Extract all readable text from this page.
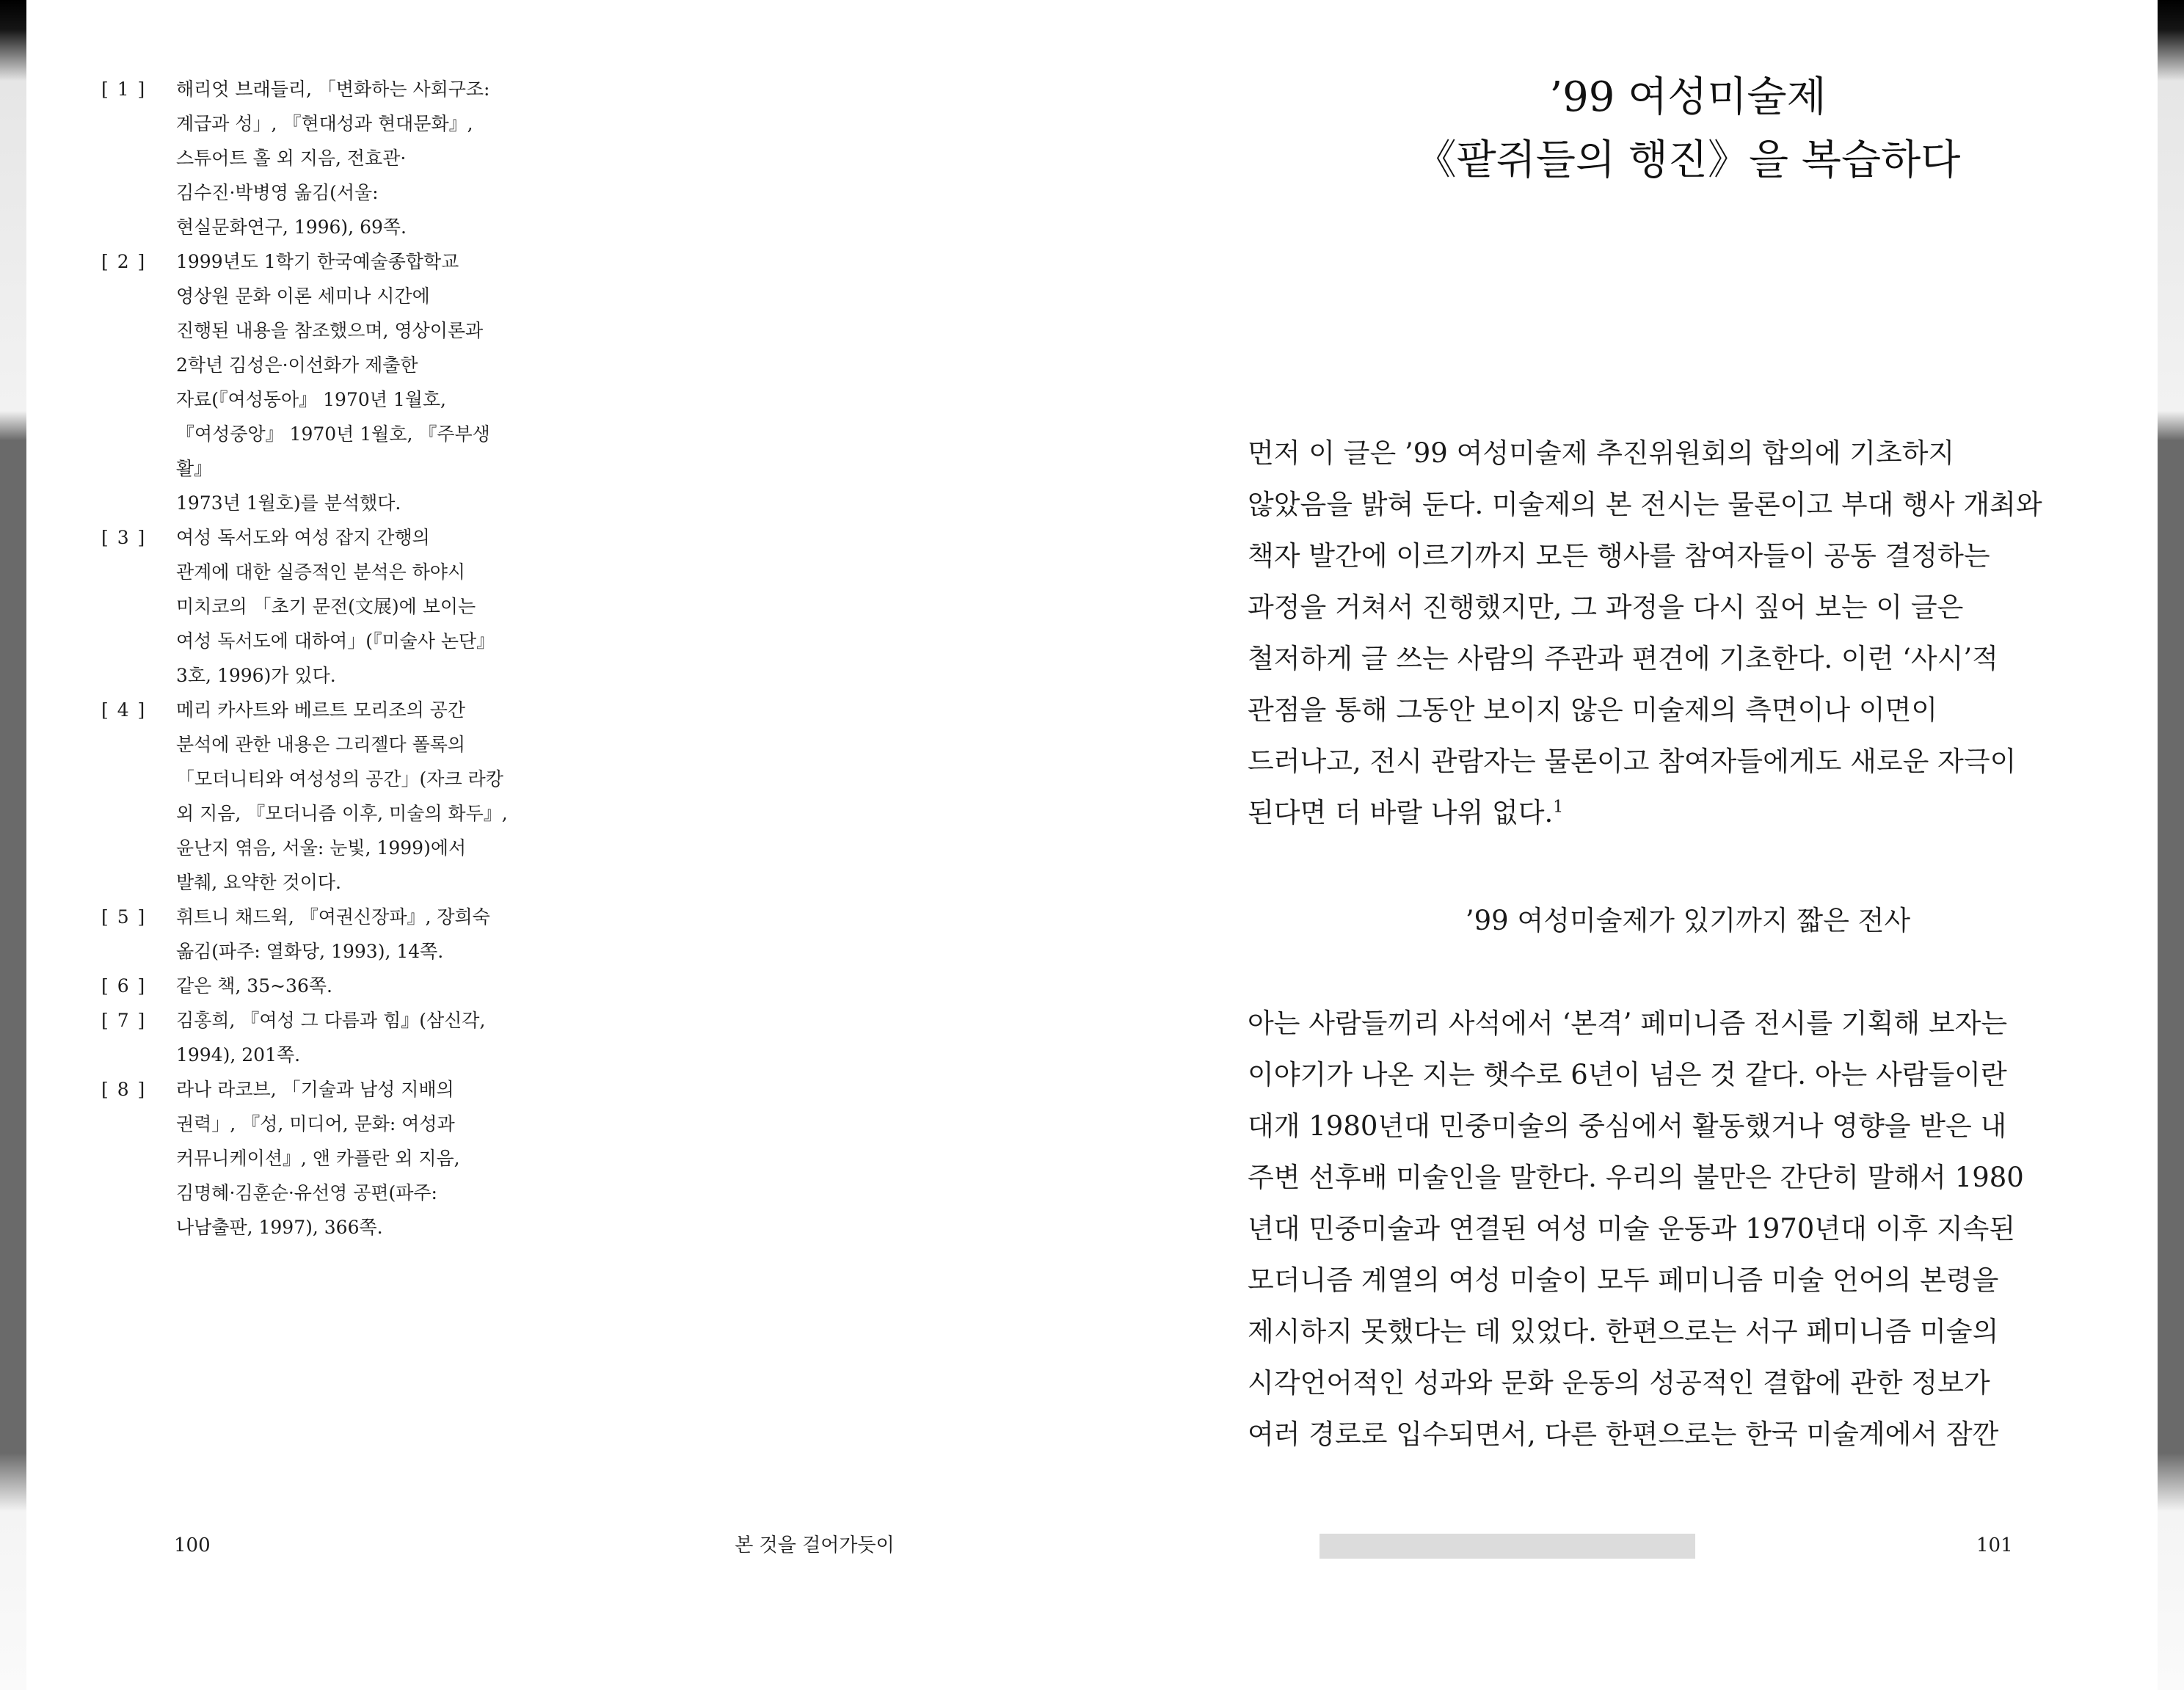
[ 1 ]	해리엇 브래들리, 「변화하는 사회구조:
계급과 성」, 『현대성과 현대문화』,
스튜어트 홀 외 지음, 전효관·
김수진·박병영 옮김(서울:
현실문화연구, 1996), 69쪽.

[ 2 ]	1999년도 1학기 한국예술종합학교
영상원 문화 이론 세미나 시간에
진행된 내용을 참조했으며, 영상이론과
2학년 김성은·이선화가 제출한
자료(『여성동아』 1970년 1월호,
『여성중앙』 1970년 1월호, 『주부생활』
1973년 1월호)를 분석했다.

[ 3 ]	여성 독서도와 여성 잡지 간행의
관계에 대한 실증적인 분석은 하야시
미치코의 「초기 문전(文展)에 보이는
여성 독서도에 대하여」(『미술사 논단』
3호, 1996)가 있다.

[ 4 ]	메리 카사트와 베르트 모리조의 공간
분석에 관한 내용은 그리젤다 폴록의
「모더니티와 여성성의 공간」(자크 라캉
외 지음, 『모더니즘 이후, 미술의 화두』,
윤난지 엮음, 서울: 눈빛, 1999)에서
발췌, 요약한 것이다.

[ 5 ]	휘트니 채드윅, 『여권신장파』, 장희숙
옮김(파주: 열화당, 1993), 14쪽.

[ 6 ]	같은 책, 35~36쪽.

[ 7 ]	김홍희, 『여성 그 다름과 힘』(삼신각,
1994), 201쪽.

[ 8 ]	라나 라코브, 「기술과 남성 지배의
권력」, 『성, 미디어, 문화: 여성과
커뮤니케이션』, 앤 카플란 외 지음,
김명혜·김훈순·유선영 공편(파주:
나남출판, 1997), 366쪽.

’99 여성미술제
《팥쥐들의 행진》을 복습하다

먼저 이 글은 ’99 여성미술제 추진위원회의 합의에 기초하지
않았음을 밝혀 둔다. 미술제의 본 전시는 물론이고 부대 행사 개최와
책자 발간에 이르기까지 모든 행사를 참여자들이 공동 결정하는
과정을 거쳐서 진행했지만, 그 과정을 다시 짚어 보는 이 글은
철저하게 글 쓰는 사람의 주관과 편견에 기초한다. 이런 ‘사시’적
관점을 통해 그동안 보이지 않은 미술제의 측면이나 이면이
드러나고, 전시 관람자는 물론이고 참여자들에게도 새로운 자극이
된다면 더 바랄 나위 없다.$^1$

’99 여성미술제가 있기까지 짧은 전사

아는 사람들끼리 사석에서 ‘본격’ 페미니즘 전시를 기획해 보자는
이야기가 나온 지는 햇수로 6년이 넘은 것 같다. 아는 사람들이란
대개 1980년대 민중미술의 중심에서 활동했거나 영향을 받은 내
주변 선후배 미술인을 말한다. 우리의 불만은 간단히 말해서 1980
년대 민중미술과 연결된 여성 미술 운동과 1970년대 이후 지속된
모더니즘 계열의 여성 미술이 모두 페미니즘 미술 언어의 본령을
제시하지 못했다는 데 있었다. 한편으로는 서구 페미니즘 미술의
시각언어적인 성과와 문화 운동의 성공적인 결합에 관한 정보가
여러 경로로 입수되면서, 다른 한편으로는 한국 미술계에서 잠깐

100	본 것을 걸어가듯이	101
